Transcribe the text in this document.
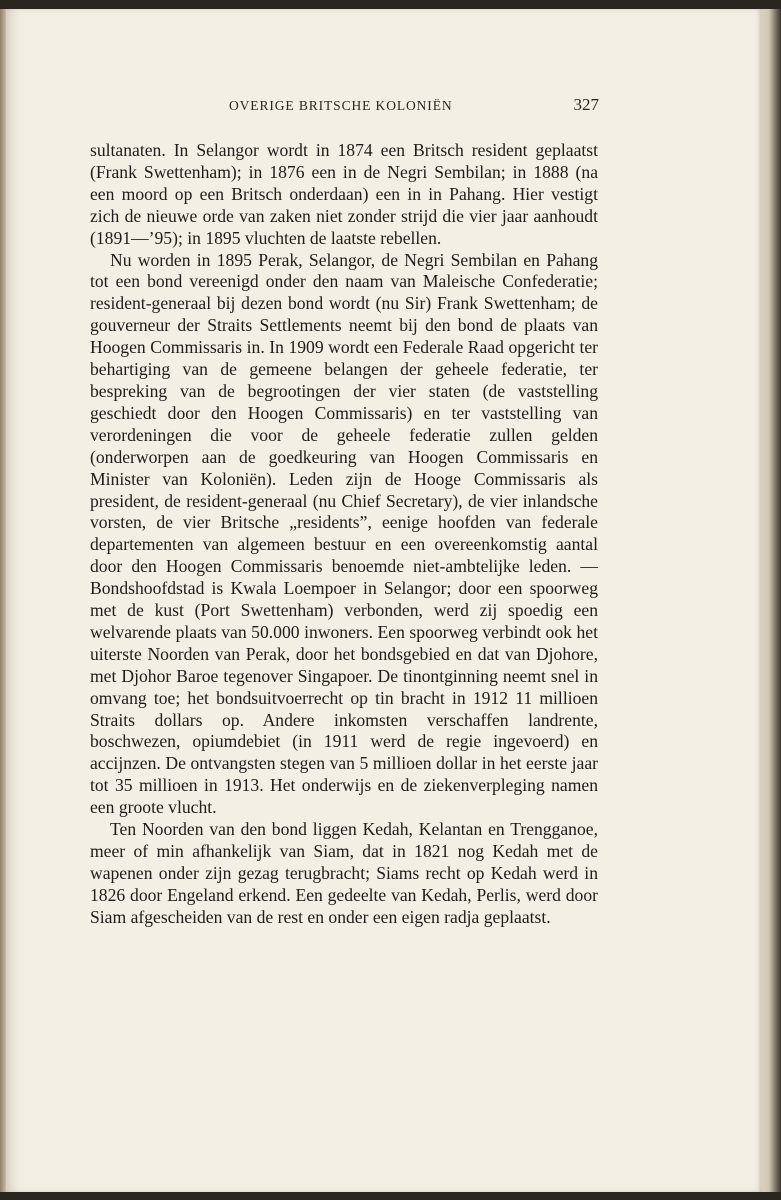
OVERIGE BRITSCHE KOLONIËN	327

sultanaten. In Selangor wordt in 1874 een Britsch resident geplaatst (Frank Swettenham); in 1876 een in de Negri Sembilan; in 1888 (na een moord op een Britsch onderdaan) een in in Pahang. Hier vestigt zich de nieuwe orde van zaken niet zonder strijd die vier jaar aanhoudt (1891—’95); in 1895 vluchten de laatste rebellen.

Nu worden in 1895 Perak, Selangor, de Negri Sembilan en Pahang tot een bond vereenigd onder den naam van Maleische Confederatie; resident-generaal bij dezen bond wordt (nu Sir) Frank Swettenham; de gouverneur der Straits Settlements neemt bij den bond de plaats van Hoogen Commissaris in. In 1909 wordt een Federale Raad opgericht ter behartiging van de gemeene belangen der geheele federatie, ter bespreking van de begrootingen der vier staten (de vaststelling geschiedt door den Hoogen Commissaris) en ter vaststelling van verordeningen die voor de geheele federatie zullen gelden (onderworpen aan de goedkeuring van Hoogen Commissaris en Minister van Koloniën). Leden zijn de Hooge Commissaris als president, de resident-generaal (nu Chief Secretary), de vier inlandsche vorsten, de vier Britsche „residents”, eenige hoofden van federale departementen van algemeen bestuur en een overeenkomstig aantal door den Hoogen Commissaris benoemde niet-ambtelijke leden. — Bondshoofdstad is Kwala Loempoer in Selangor; door een spoorweg met de kust (Port Swettenham) verbonden, werd zij spoedig een welvarende plaats van 50.000 inwoners. Een spoorweg verbindt ook het uiterste Noorden van Perak, door het bondsgebied en dat van Djohore, met Djohor Baroe tegenover Singapoer. De tinontginning neemt snel in omvang toe; het bondsuitvoerrecht op tin bracht in 1912 11 millioen Straits dollars op. Andere inkomsten verschaffen landrente, boschwezen, opiumdebiet (in 1911 werd de regie ingevoerd) en accijnzen. De ontvangsten stegen van 5 millioen dollar in het eerste jaar tot 35 millioen in 1913. Het onderwijs en de ziekenverpleging namen een groote vlucht.

Ten Noorden van den bond liggen Kedah, Kelantan en Trengganoe, meer of min afhankelijk van Siam, dat in 1821 nog Kedah met de wapenen onder zijn gezag terugbracht; Siams recht op Kedah werd in 1826 door Engeland erkend. Een gedeelte van Kedah, Perlis, werd door Siam afgescheiden van de rest en onder een eigen radja geplaatst.
